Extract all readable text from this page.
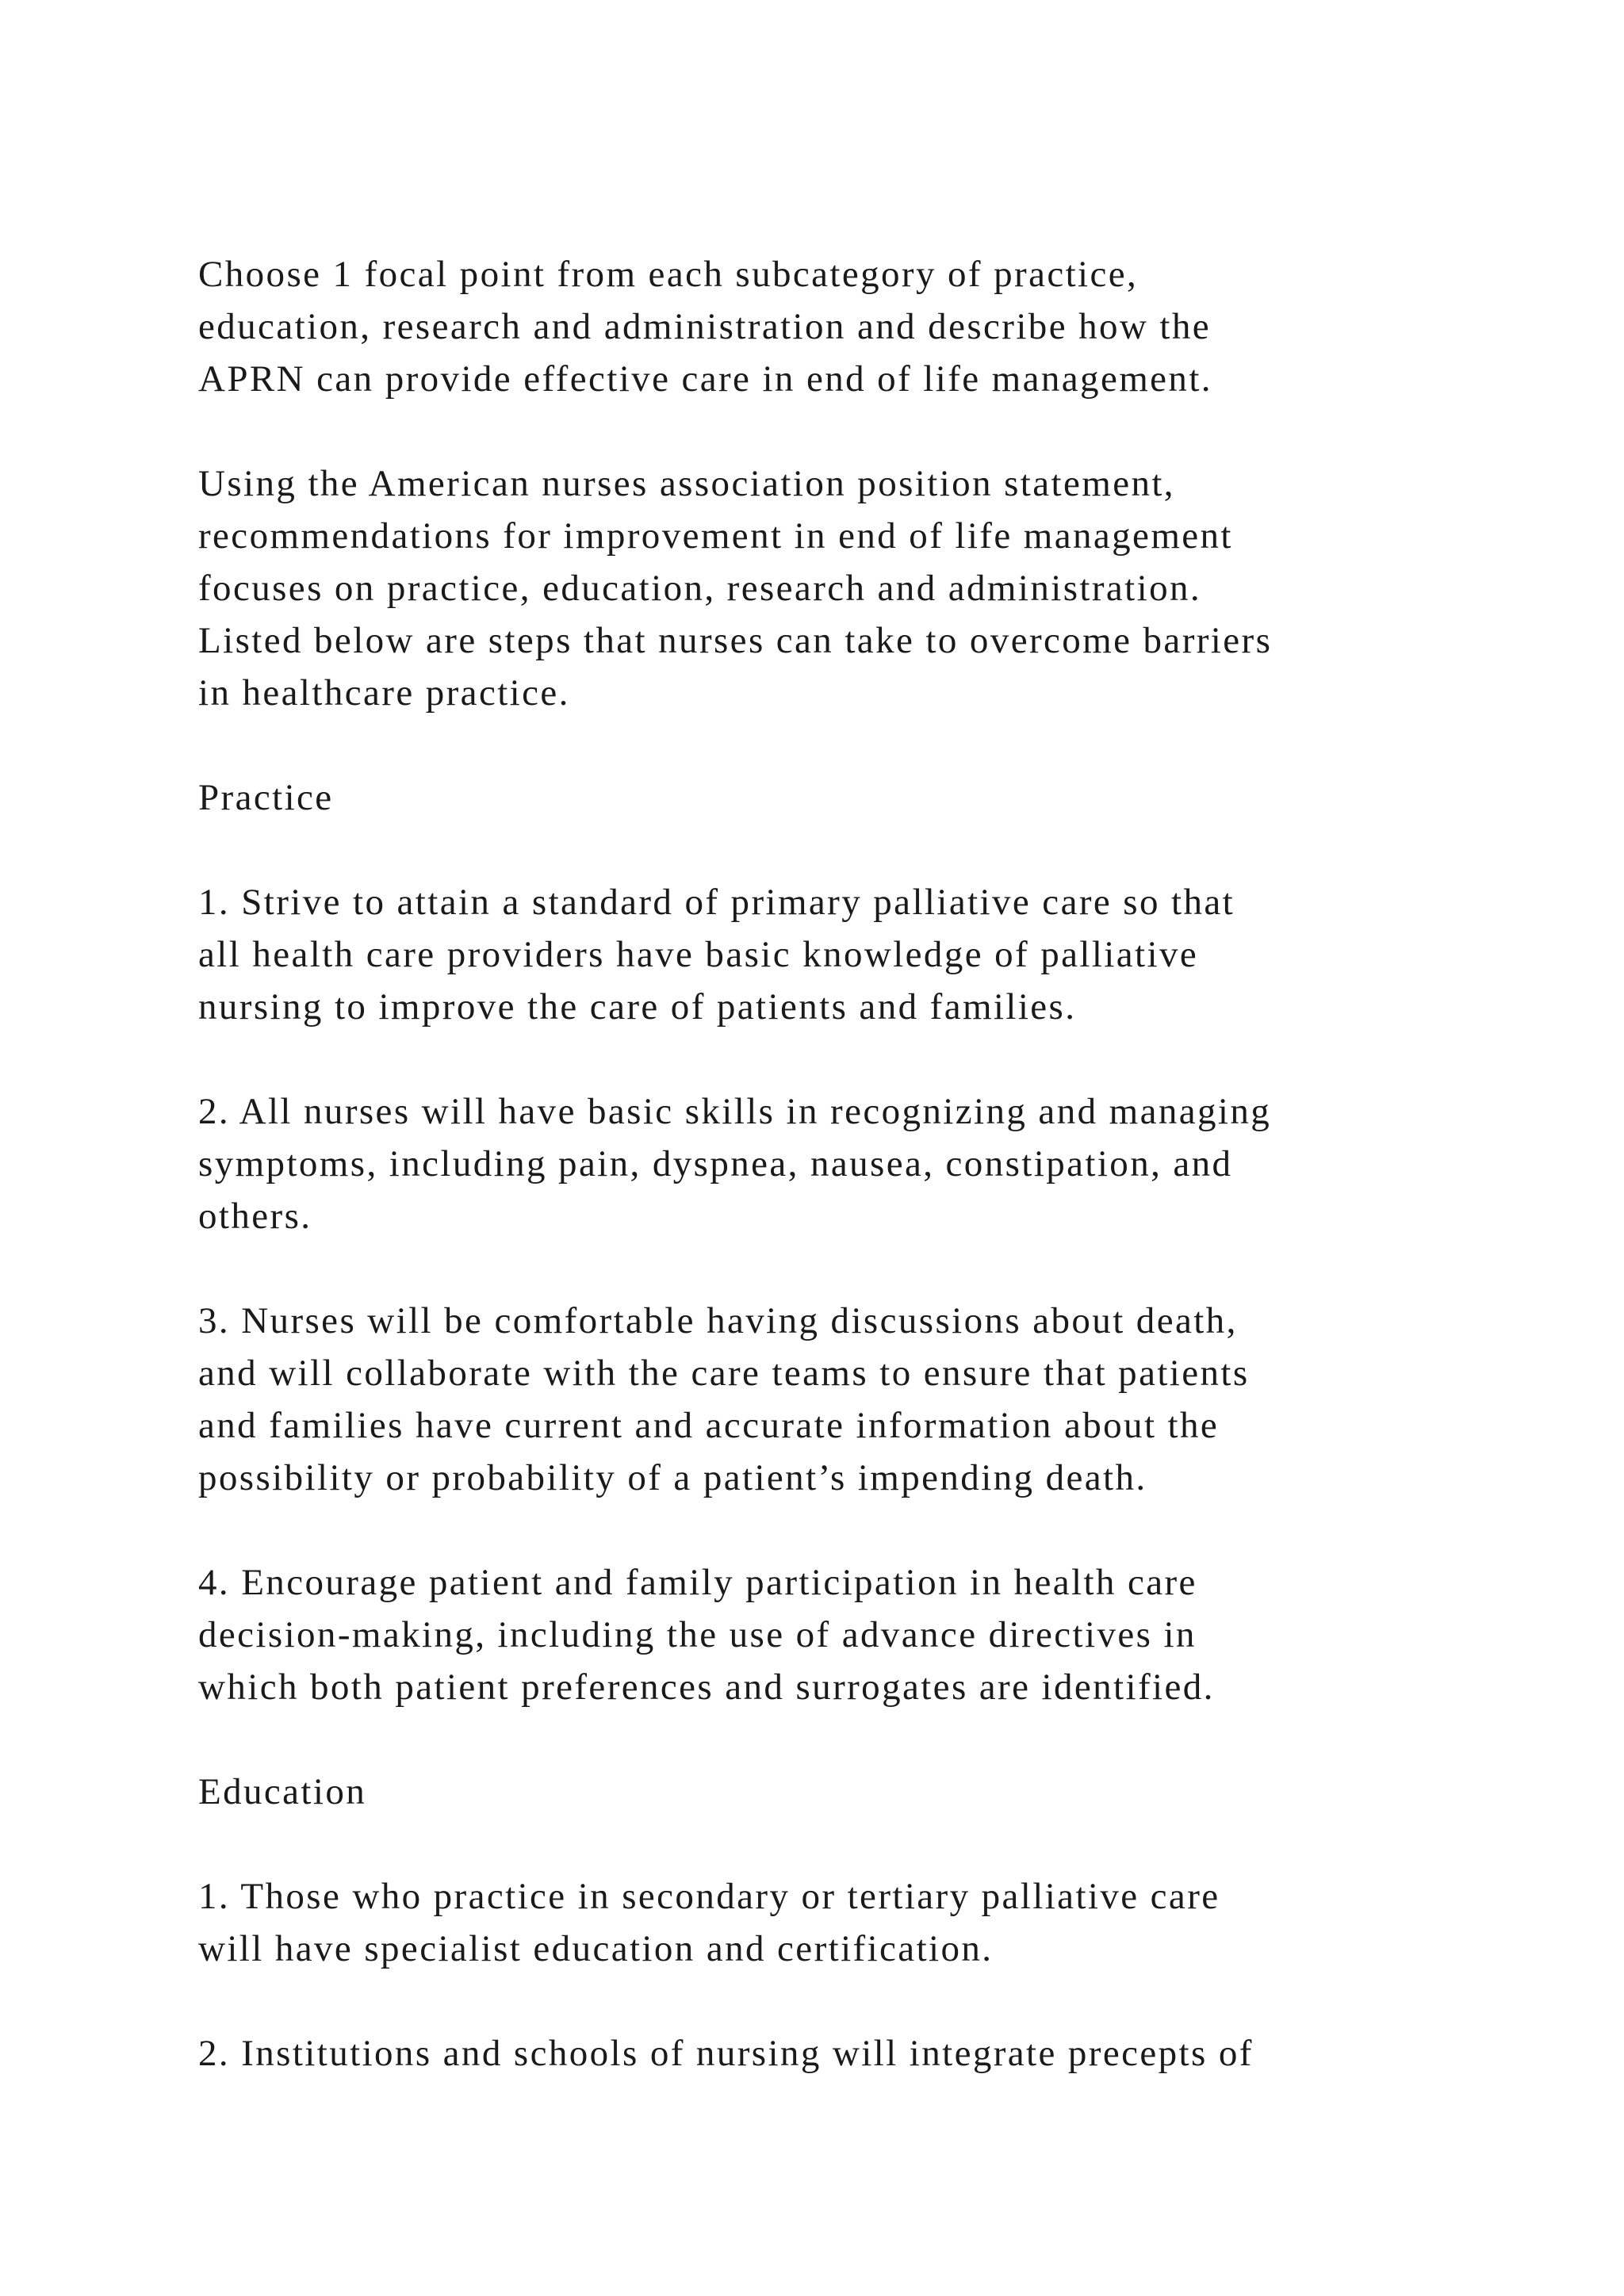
Choose 1 focal point from each subcategory of practice,
education, research and administration and describe how the
APRN can provide effective care in end of life management.

Using the American nurses association position statement,
recommendations for improvement in end of life management
focuses on practice, education, research and administration.
Listed below are steps that nurses can take to overcome barriers
in healthcare practice.

Practice

1. Strive to attain a standard of primary palliative care so that
all health care providers have basic knowledge of palliative
nursing to improve the care of patients and families.

2. All nurses will have basic skills in recognizing and managing
symptoms, including pain, dyspnea, nausea, constipation, and
others.

3. Nurses will be comfortable having discussions about death,
and will collaborate with the care teams to ensure that patients
and families have current and accurate information about the
possibility or probability of a patient’s impending death.

4. Encourage patient and family participation in health care
decision-making, including the use of advance directives in
which both patient preferences and surrogates are identified.

Education

1. Those who practice in secondary or tertiary palliative care
will have specialist education and certification.

2. Institutions and schools of nursing will integrate precepts of
